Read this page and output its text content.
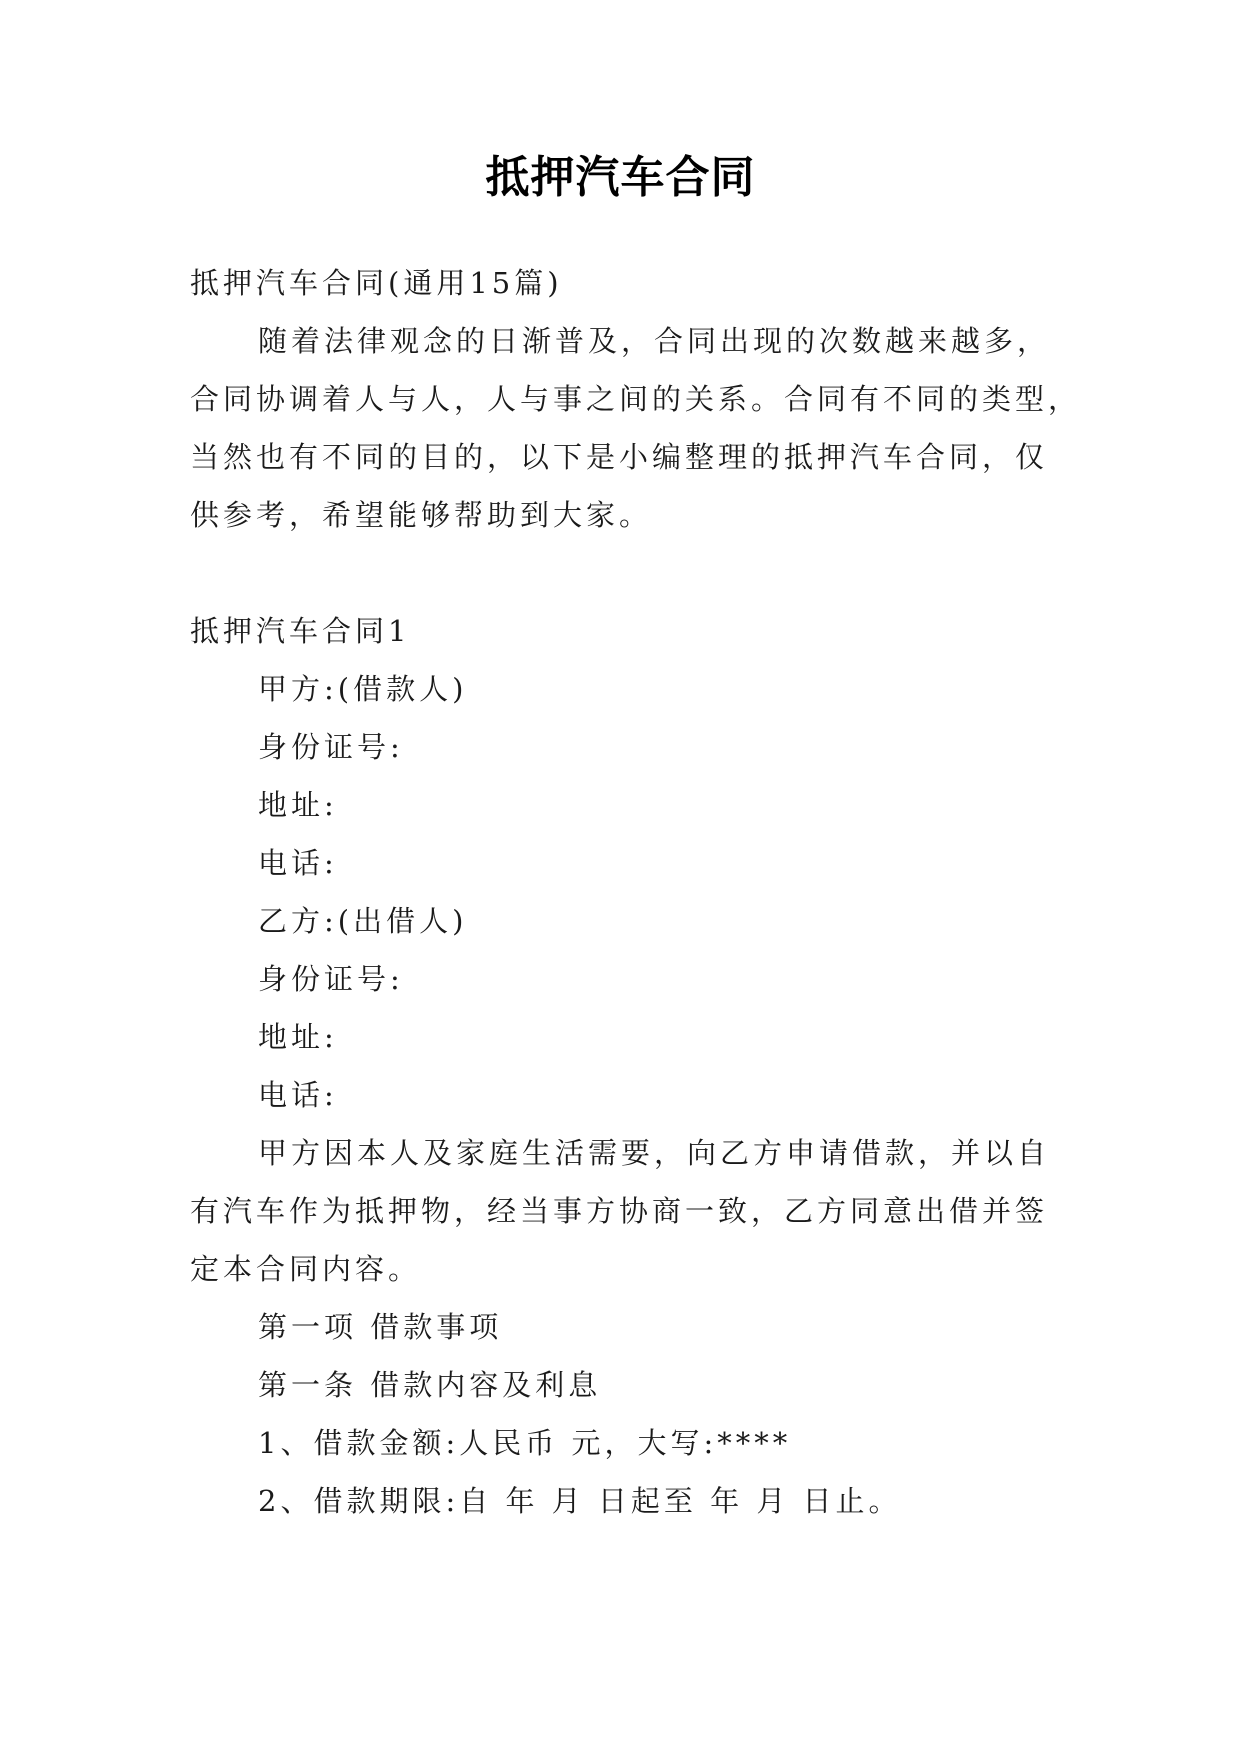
抵押汽车合同
抵押汽车合同(通用15篇)
随着法律观念的日渐普及，合同出现的次数越来越多，
合同协调着人与人，人与事之间的关系。合同有不同的类型，
当然也有不同的目的，以下是小编整理的抵押汽车合同，仅
供参考，希望能够帮助到大家。
抵押汽车合同1
甲方:(借款人)
身份证号:
地址:
电话:
乙方:(出借人)
身份证号:
地址:
电话:
甲方因本人及家庭生活需要，向乙方申请借款，并以自
有汽车作为抵押物，经当事方协商一致，乙方同意出借并签
定本合同内容。
第一项 借款事项
第一条 借款内容及利息
1、借款金额:人民币 元，大写:****
2、借款期限:自 年 月 日起至 年 月 日止。
